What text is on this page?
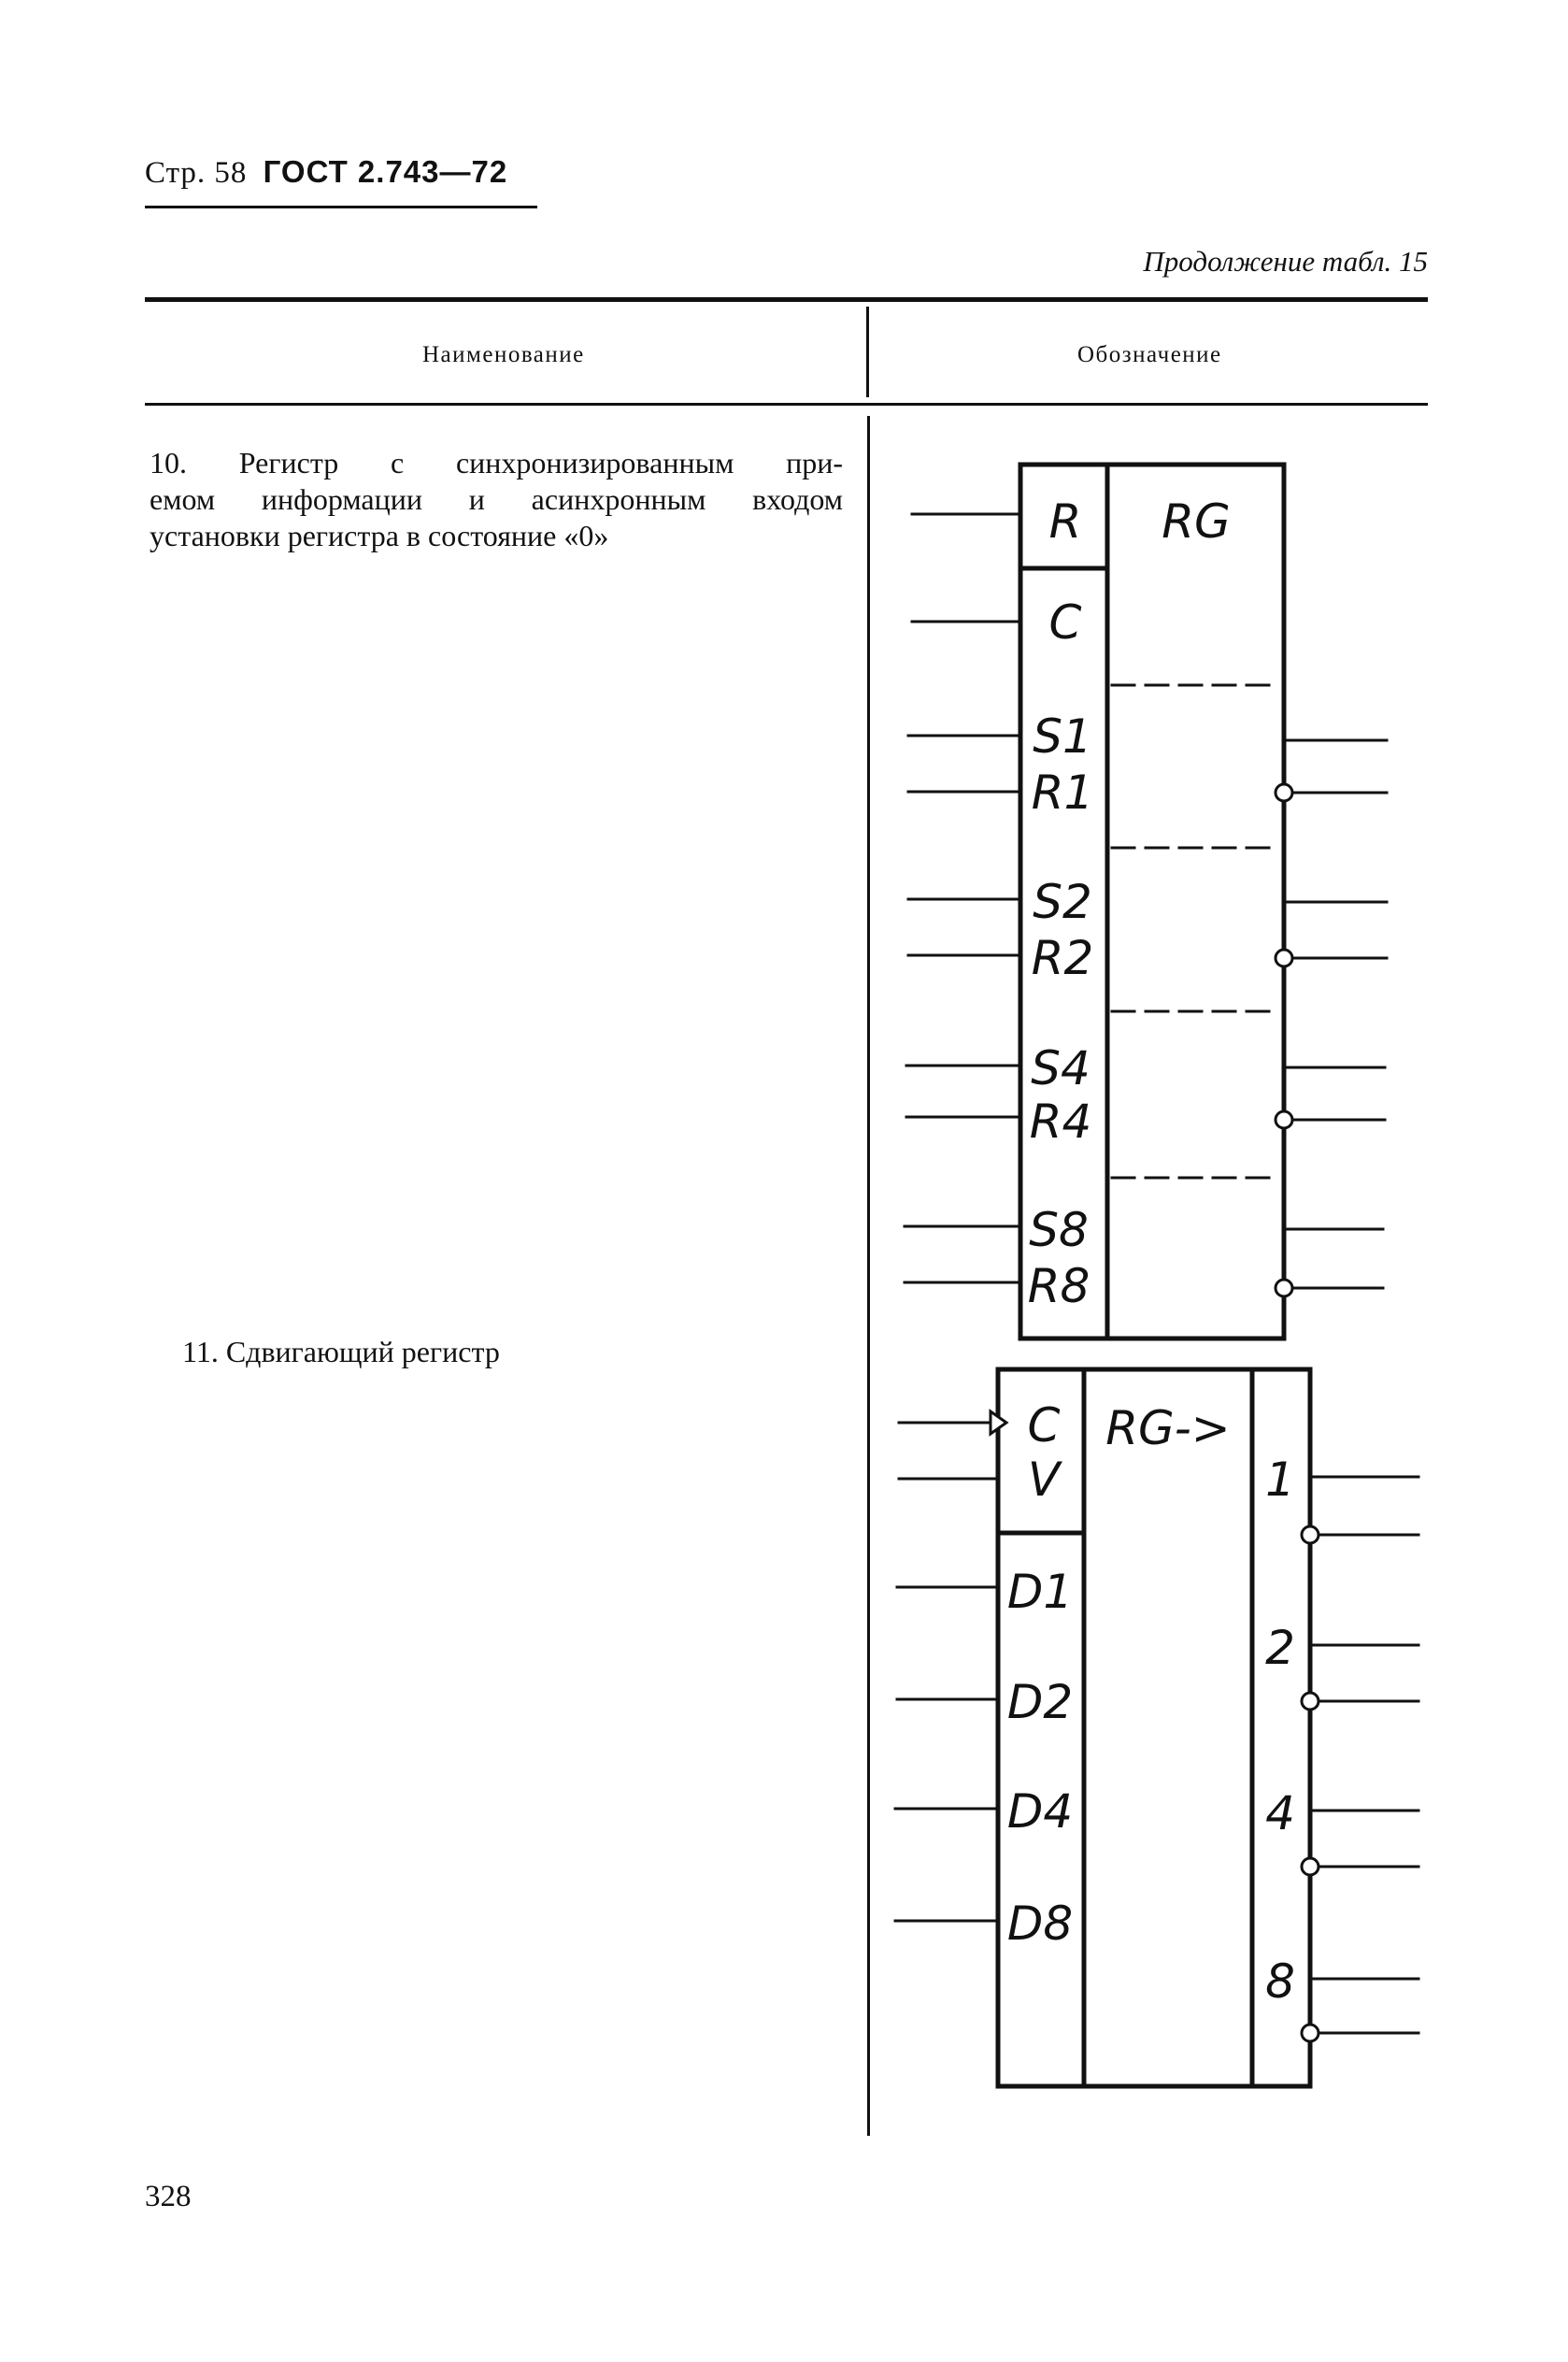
Стр. 58 ГОСТ 2.743—72
Продолжение табл. 15
Наименование	Обозначение
10. Регистр с синхронизированным при-
емом информации и асинхронным входом
установки регистра в состояние «0»
11. Сдвигающий регистр
R RG
C
S1
R1
S2
R2
S4
R4
S8
R8
C
V
RG->
D1
D2
D4
D8
1
2
4
8
328
